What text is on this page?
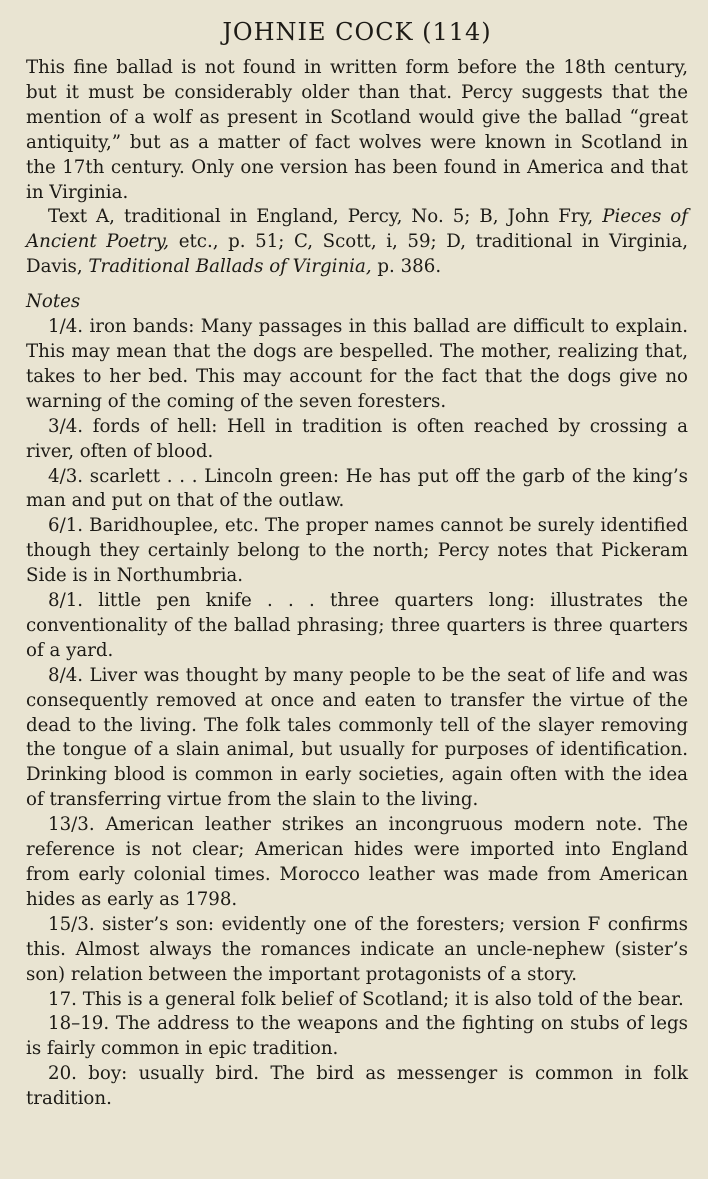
JOHNIE COCK (114)

This fine ballad is not found in written form before the 18th century, but it must be considerably older than that. Percy suggests that the mention of a wolf as present in Scotland would give the ballad “great antiquity,” but as a matter of fact wolves were known in Scotland in the 17th century. Only one version has been found in America and that in Virginia.

Text A, traditional in England, Percy, No. 5; B, John Fry, Pieces of Ancient Poetry, etc., p. 51; C, Scott, i, 59; D, traditional in Virginia, Davis, Traditional Ballads of Virginia, p. 386.

Notes

1/4. iron bands: Many passages in this ballad are difficult to explain. This may mean that the dogs are bespelled. The mother, realizing that, takes to her bed. This may account for the fact that the dogs give no warning of the coming of the seven foresters.

3/4. fords of hell: Hell in tradition is often reached by crossing a river, often of blood.

4/3. scarlett . . . Lincoln green: He has put off the garb of the king’s man and put on that of the outlaw.

6/1. Baridhouplee, etc. The proper names cannot be surely identified though they certainly belong to the north; Percy notes that Pickeram Side is in Northumbria.

8/1. little pen knife . . . three quarters long: illustrates the conventionality of the ballad phrasing; three quarters is three quarters of a yard.

8/4. Liver was thought by many people to be the seat of life and was consequently removed at once and eaten to transfer the virtue of the dead to the living. The folk tales commonly tell of the slayer removing the tongue of a slain animal, but usually for purposes of identification. Drinking blood is common in early societies, again often with the idea of transferring virtue from the slain to the living.

13/3. American leather strikes an incongruous modern note. The reference is not clear; American hides were imported into England from early colonial times. Morocco leather was made from American hides as early as 1798.

15/3. sister’s son: evidently one of the foresters; version F confirms this. Almost always the romances indicate an uncle-nephew (sister’s son) relation between the important protagonists of a story.

17. This is a general folk belief of Scotland; it is also told of the bear.

18–19. The address to the weapons and the fighting on stubs of legs is fairly common in epic tradition.

20. boy: usually bird. The bird as messenger is common in folk tradition.
